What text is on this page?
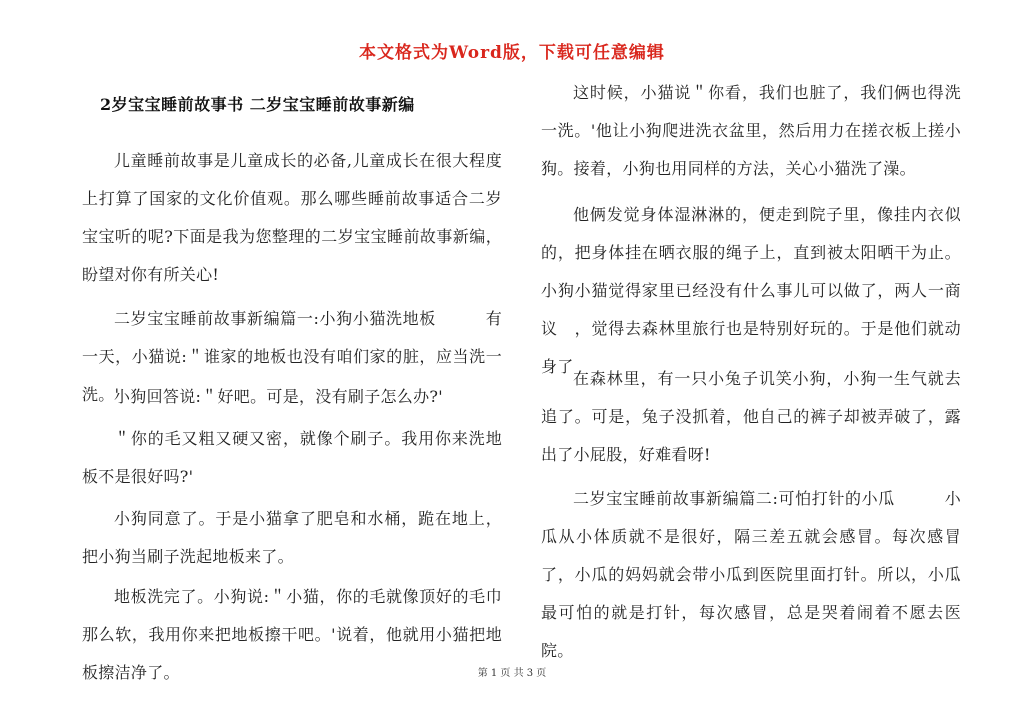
本文格式为Word版，下载可任意编辑
2岁宝宝睡前故事书 二岁宝宝睡前故事新编
儿童睡前故事是儿童成长的必备,儿童成长在很大程度上打算了国家的文化价值观。那么哪些睡前故事适合二岁宝宝听的呢?下面是我为您整理的二岁宝宝睡前故事新编，盼望对你有所关心!
二岁宝宝睡前故事新编篇一:小狗小猫洗地板　　　有一天，小猫说:＂谁家的地板也没有咱们家的脏，应当洗一洗。'
小狗回答说:＂好吧。可是，没有刷子怎么办?'
＂你的毛又粗又硬又密，就像个刷子。我用你来洗地板不是很好吗?'
小狗同意了。于是小猫拿了肥皂和水桶，跪在地上，把小狗当刷子洗起地板来了。
地板洗完了。小狗说:＂小猫，你的毛就像顶好的毛巾那么软，我用你来把地板擦干吧。'说着，他就用小猫把地板擦洁净了。
这时候，小猫说＂你看，我们也脏了，我们俩也得洗一洗。'他让小狗爬进洗衣盆里，然后用力在搓衣板上搓小狗。接着，小狗也用同样的方法，关心小猫洗了澡。
他俩发觉身体湿淋淋的，便走到院子里，像挂内衣似的，把身体挂在晒衣服的绳子上，直到被太阳晒干为止。小狗小猫觉得家里已经没有什么事儿可以做了，两人一商议　，觉得去森林里旅行也是特别好玩的。于是他们就动身了
在森林里，有一只小兔子讥笑小狗，小狗一生气就去追了。可是，兔子没抓着，他自己的裤子却被弄破了，露出了小屁股，好难看呀!
二岁宝宝睡前故事新编篇二:可怕打针的小瓜　　　小瓜从小体质就不是很好，隔三差五就会感冒。每次感冒了，小瓜的妈妈就会带小瓜到医院里面打针。所以，小瓜最可怕的就是打针，每次感冒，总是哭着闹着不愿去医院。
第 1 页 共 3 页
